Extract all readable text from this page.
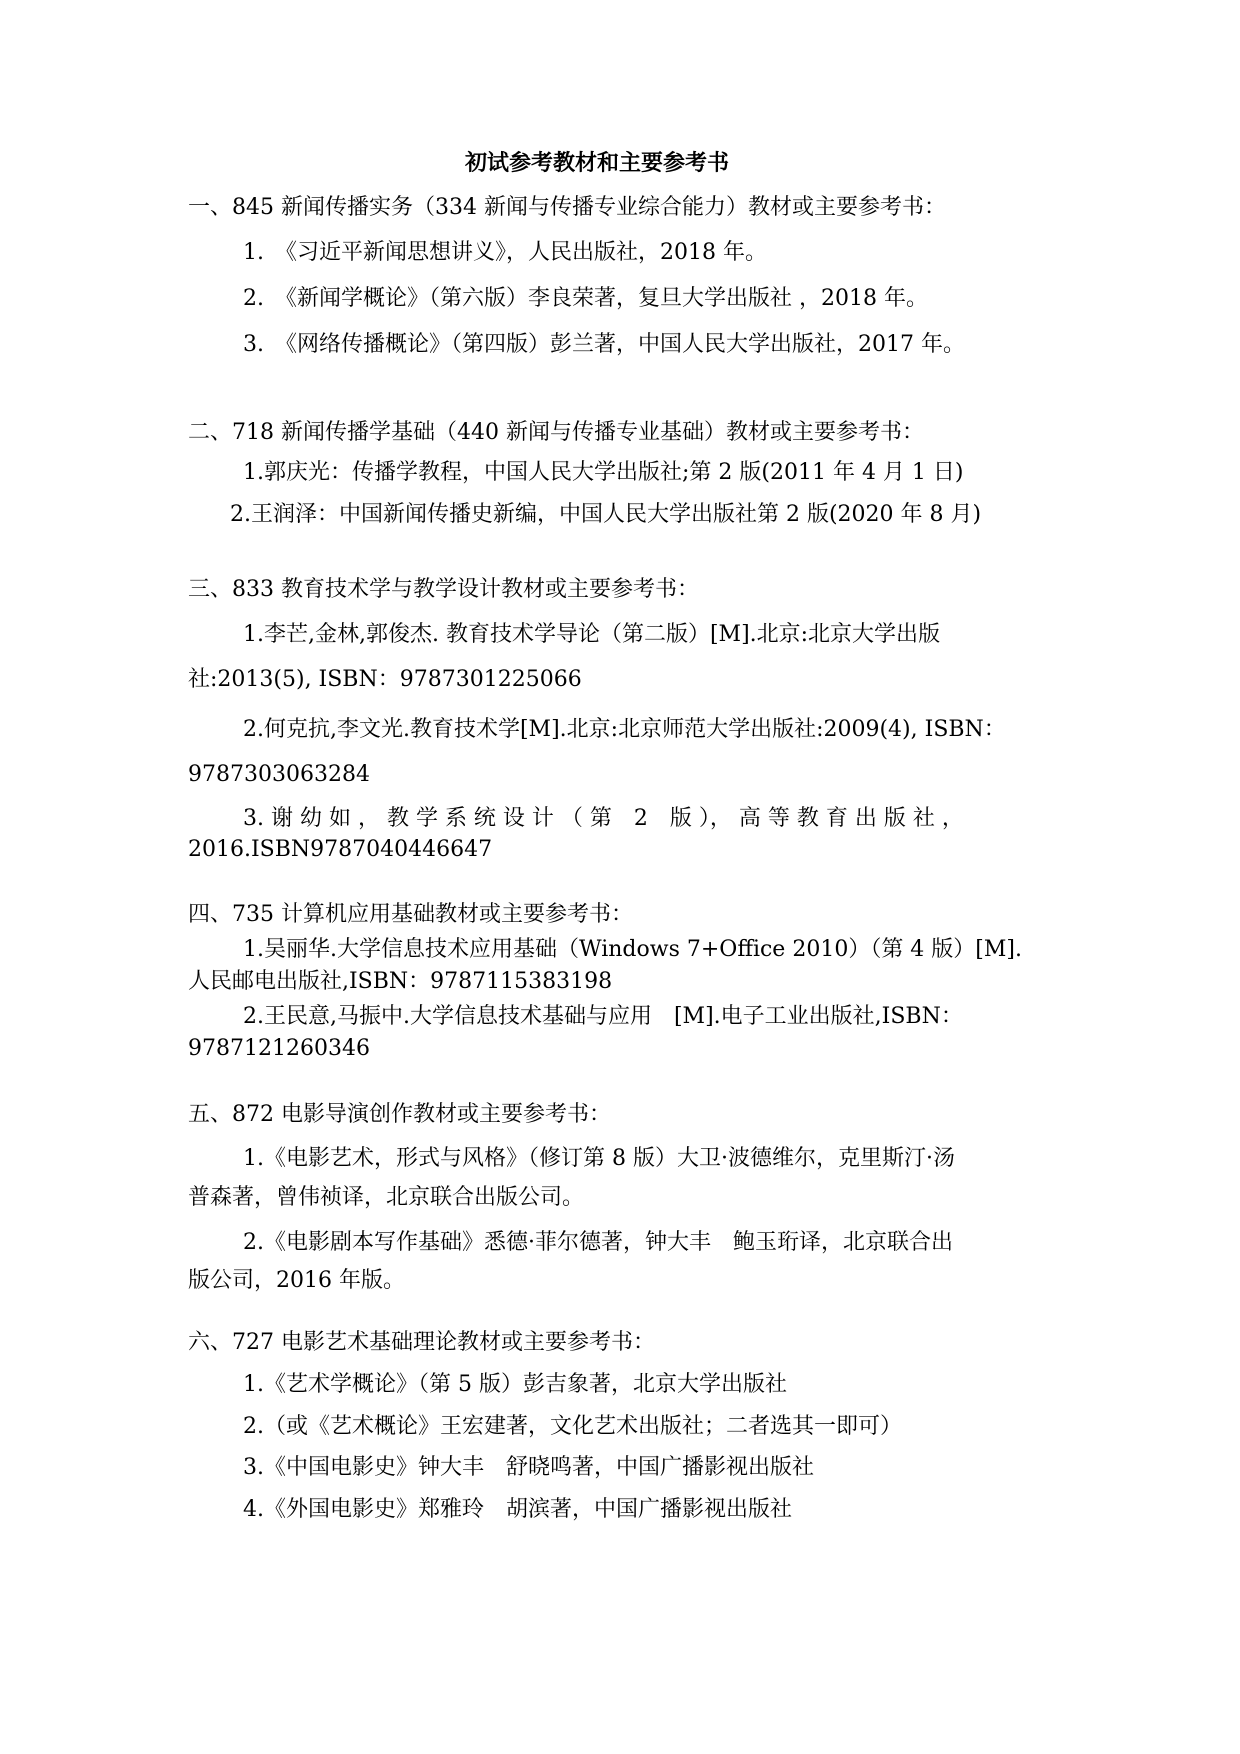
初试参考教材和主要参考书
一、845 新闻传播实务（334 新闻与传播专业综合能力）教材或主要参考书：
1.　《习近平新闻思想讲义》，人民出版社，2018 年。
2.　《新闻学概论》（第六版）李良荣著，复旦大学出版社 ，2018 年。
3.　《网络传播概论》（第四版）彭兰著，中国人民大学出版社，2017 年。
二、718 新闻传播学基础（440 新闻与传播专业基础）教材或主要参考书：
1.郭庆光：传播学教程，中国人民大学出版社;第 2 版(2011 年 4 月 1 日)
2.王润泽：中国新闻传播史新编，中国人民大学出版社第 2 版(2020 年 8 月)
三、833 教育技术学与教学设计教材或主要参考书：
1.李芒,金林,郭俊杰. 教育技术学导论（第二版）[M].北京:北京大学出版
社:2013(5), ISBN：9787301225066
2.何克抗,李文光.教育技术学[M].北京:北京师范大学出版社:2009(4), ISBN：
9787303063284
3. 谢 幼 如 ， 教 学 系 统 设 计 （ 第　2　版 ）， 高 等 教 育 出 版 社 ，
2016.ISBN9787040446647
四、735 计算机应用基础教材或主要参考书：
1.吴丽华.大学信息技术应用基础（Windows 7+Office 2010）（第 4 版）[M].
人民邮电出版社,ISBN：9787115383198
2.王民意,马振中.大学信息技术基础与应用　[M].电子工业出版社,ISBN：
9787121260346
五、872 电影导演创作教材或主要参考书：
1.《电影艺术，形式与风格》（修订第 8 版）大卫·波德维尔，克里斯汀·汤
普森著，曾伟祯译，北京联合出版公司。
2.《电影剧本写作基础》悉德·菲尔德著，钟大丰　鲍玉珩译，北京联合出
版公司，2016 年版。
六、727 电影艺术基础理论教材或主要参考书：
1.《艺术学概论》（第 5 版）彭吉象著，北京大学出版社
2.（或《艺术概论》王宏建著，文化艺术出版社；二者选其一即可）
3.《中国电影史》钟大丰　舒晓鸣著，中国广播影视出版社
4.《外国电影史》郑雅玲　胡滨著，中国广播影视出版社
